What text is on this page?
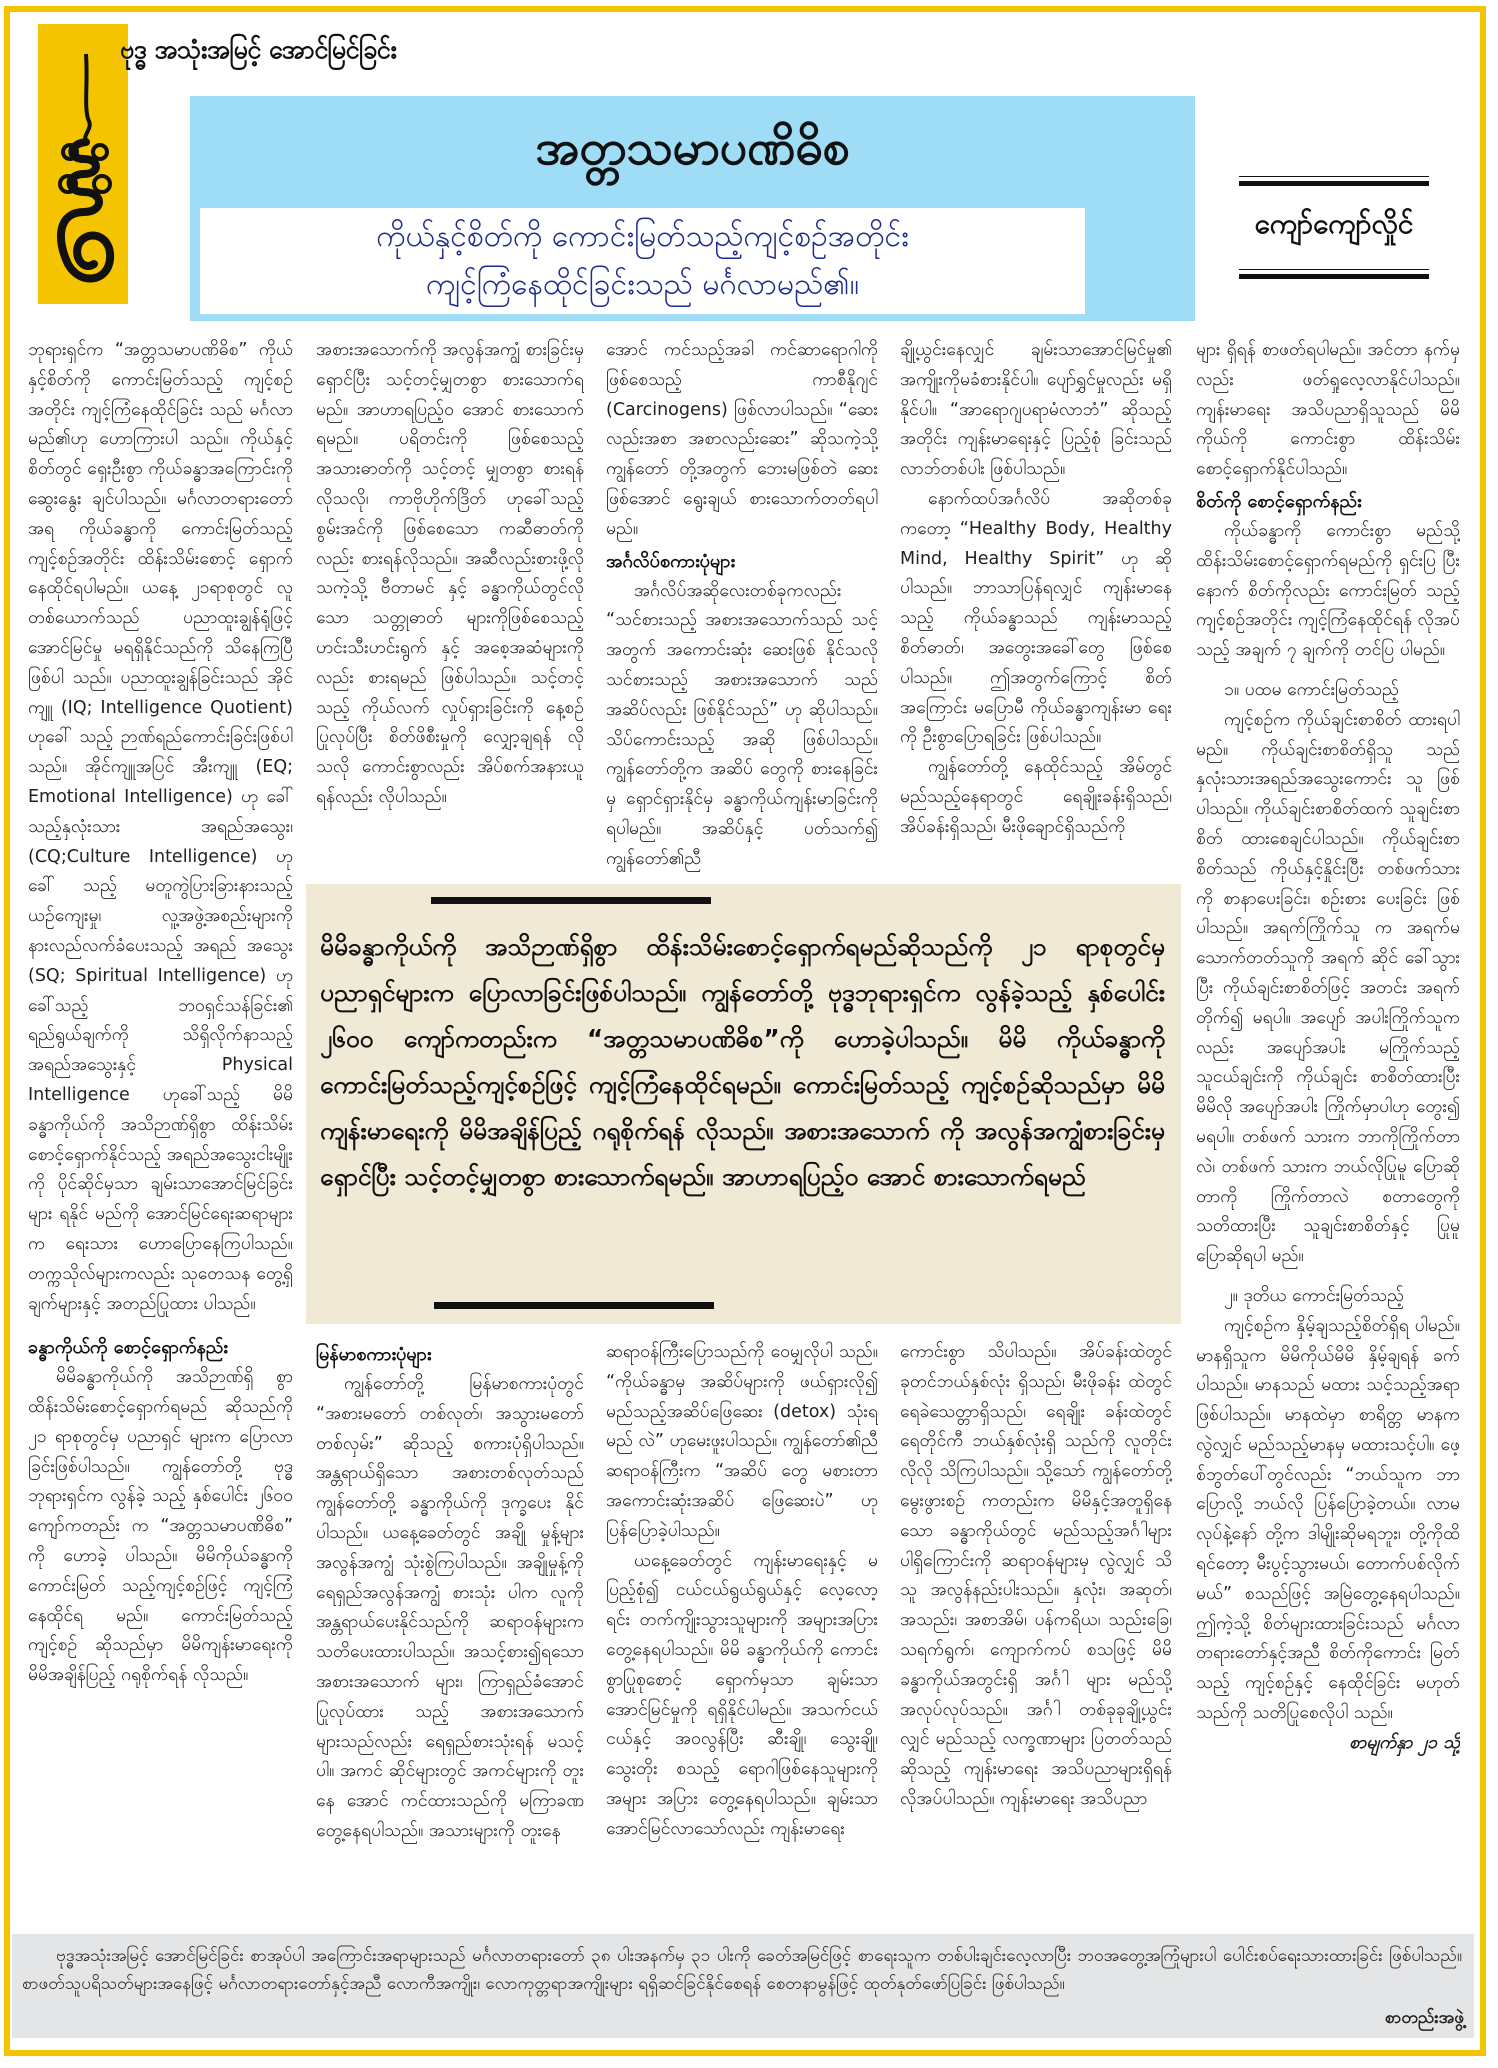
ဗုဒ္ဓ အသုံးအမြင့် အောင်မြင်ခြင်း
အတ္တသမာပဏိဓိစ
ကိုယ်နှင့်စိတ်ကို ကောင်းမြတ်သည့်ကျင့်စဉ်အတိုင်း
ကျင့်ကြံနေထိုင်ခြင်းသည် မင်္ဂလာမည်၏။
ကျော်ကျော်လှိုင်

ဘုရားရှင်က “အတ္တသမာပဏိဓိစ” ကိုယ်နှင့်စိတ်ကို ကောင်းမြတ်သည့် ကျင့်စဉ်အတိုင်း ကျင့်ကြံနေထိုင်ခြင်း သည် မင်္ဂလာမည်၏ဟု ဟောကြားပါ သည်။ ကိုယ်နှင့် စိတ်တွင် ရှေးဦးစွာ ကိုယ်ခန္ဓာအကြောင်းကို ဆွေးနွေး ချင်ပါသည်။ မင်္ဂလာတရားတော်အရ ကိုယ်ခန္ဓာကို ကောင်းမြတ်သည့် ကျင့်စဉ်အတိုင်း ထိန်းသိမ်းစောင့် ရှောက် နေထိုင်ရပါမည်။ ယနေ့ ၂၁ရာစုတွင် လူတစ်ယောက်သည် ပညာထူးချွန်ရုံဖြင့် အောင်မြင်မှု မရရှိနိုင်သည်ကို သိနေကြပြီဖြစ်ပါ သည်။ ပညာထူးချွန်ခြင်းသည် အိုင်ကျူ (IQ; Intelligence Quotient) ဟုခေါ် သည့် ဉာဏ်ရည်ကောင်းခြင်းဖြစ်ပါ သည်။ အိုင်ကျူအပြင် အီးကျူ (EQ; Emotional Intelligence) ဟု ခေါ် သည့်နှလုံးသား အရည်အသွေး၊ (CQ;Culture Intelligence) ဟုခေါ် သည့် မတူကွဲပြားခြားနားသည့် ယဉ်ကျေးမှု၊ လူ့အဖွဲ့အစည်းများကို နားလည်လက်ခံပေးသည့် အရည် အသွေး (SQ; Spiritual Intelligence) ဟုခေါ်သည့် ဘဝရှင်သန်ခြင်း၏ ရည်ရွယ်ချက်ကို သိရှိလိုက်နာသည့် အရည်အသွေးနှင့် Physical Intelligence ဟုခေါ်သည့် မိမိ ခန္ဓာကိုယ်ကို အသိဉာဏ်ရှိစွာ ထိန်းသိမ်း စောင့်ရှောက်နိုင်သည့် အရည်အသွေးငါးမျိုးကို ပိုင်ဆိုင်မှသာ ချမ်းသာအောင်မြင်ခြင်းများ ရနိုင် မည်ကို အောင်မြင်ရေးဆရာများက ရေးသား ဟောပြောနေကြပါသည်။ တက္ကသိုလ်များကလည်း သုတေသန တွေ့ရှိချက်များနှင့် အတည်ပြုထား ပါသည်။

ခန္ဓာကိုယ်ကို စောင့်ရှောက်နည်း

မိမိခန္ဓာကိုယ်ကို အသိဉာဏ်ရှိ စွာ ထိန်းသိမ်းစောင့်ရှောက်ရမည် ဆိုသည်ကို ၂၁ ရာစုတွင်မှ ပညာရှင် များက ပြောလာခြင်းဖြစ်ပါသည်။ ကျွန်တော်တို့ ဗုဒ္ဓဘုရားရှင်က လွန်ခဲ့ သည့် နှစ်ပေါင်း ၂၆၀၀ ကျော်ကတည်း က “အတ္တသမာပဏိဓိစ” ကို ဟောခဲ့ ပါသည်။ မိမိကိုယ်ခန္ဓာကို ကောင်းမြတ် သည့်ကျင့်စဉ်ဖြင့် ကျင့်ကြံနေထိုင်ရ မည်။ ကောင်းမြတ်သည့် ကျင့်စဉ် ဆိုသည်မှာ မိမိကျန်းမာရေးကို မိမိအချိန်ပြည့် ဂရုစိုက်ရန် လိုသည်။

အစားအသောက်ကို အလွန်အကျွံ စားခြင်းမှရှောင်ပြီး သင့်တင့်မျှတစွာ စားသောက်ရမည်။ အာဟာရပြည့်ဝ အောင် စားသောက်ရမည်။ ပရိတင်းကို ဖြစ်စေသည့် အသားဓာတ်ကို သင့်တင့် မျှတစွာ စားရန် လိုသလို၊ ကာဗိုဟိုက်ဒြိတ် ဟုခေါ်သည့် စွမ်းအင်ကို ဖြစ်စေသော ကဆီဓာတ်ကိုလည်း စားရန်လိုသည်။ အဆီလည်းစားဖို့လိုသကဲ့သို့ ဗီတာမင် နှင့် ခန္ဓာကိုယ်တွင်လိုသော သတ္တုဓာတ် များကိုဖြစ်စေသည့် ဟင်းသီးဟင်းရွက် နှင့် အစေ့အဆံများကိုလည်း စားရမည် ဖြစ်ပါသည်။ သင့်တင့်သည့် ကိုယ်လက် လှုပ်ရှားခြင်းကို နေ့စဉ်ပြုလုပ်ပြီး စိတ်ဖိစီးမှုကို လျှော့ချရန် လိုသလို ကောင်းစွာလည်း အိပ်စက်အနားယူ ရန်လည်း လိုပါသည်။

အောင် ကင်သည့်အခါ ကင်ဆာရောဂါကို ဖြစ်စေသည့် ကာစီနိုဂျင် (Carcinogens) ဖြစ်လာပါသည်။ “ဆေးလည်းအစာ အစာလည်းဆေး” ဆိုသကဲ့သို့ ကျွန်တော် တို့အတွက် ဘေးမဖြစ်တဲ ဆေးဖြစ်အောင် ရွေးချယ် စားသောက်တတ်ရပါမည်။

အင်္ဂလိပ်စကားပုံများ

အင်္ဂလိပ်အဆိုလေးတစ်ခုကလည်း “သင်စားသည့် အစားအသောက်သည် သင့်အတွက် အကောင်းဆုံး ဆေးဖြစ် နိုင်သလို သင်စားသည့် အစားအသောက် သည် အဆိပ်လည်း ဖြစ်နိုင်သည်” ဟု ဆိုပါသည်။ သိပ်ကောင်းသည့် အဆို ဖြစ်ပါသည်။ ကျွန်တော်တို့က အဆိပ် တွေကို စားနေခြင်းမှ ရှောင်ရှားနိုင်မှ ခန္ဓာကိုယ်ကျန်းမာခြင်းကို ရပါမည်။ အဆိပ်နှင့် ပတ်သက်၍ ကျွန်တော်၏ညီ

ချို့ယွင်းနေလျှင် ချမ်းသာအောင်မြင်မှု၏ အကျိုးကိုမခံစားနိုင်ပါ။ ပျော်ရွှင်မှုလည်း မရှိနိုင်ပါ။ “အာရောဂျပရာမံလာဘံ” ဆိုသည့်အတိုင်း ကျန်းမာရေးနှင့် ပြည့်စုံ ခြင်းသည် လာဘ်တစ်ပါး ဖြစ်ပါသည်။

နောက်ထပ်အင်္ဂလိပ် အဆိုတစ်ခု ကတော့ “Healthy Body, Healthy Mind, Healthy Spirit” ဟု ဆိုပါသည်။ ဘာသာပြန်ရလျှင် ကျန်းမာနေသည့် ကိုယ်ခန္ဓာသည် ကျန်းမာသည့် စိတ်ဓာတ်၊ အတွေးအခေါ်တွေ ဖြစ်စေ ပါသည်။ ဤအတွက်ကြောင့် စိတ် အကြောင်း မပြောမီ ကိုယ်ခန္ဓာကျန်းမာ ရေးကို ဦးစွာပြောရခြင်း ဖြစ်ပါသည်။

ကျွန်တော်တို့ နေထိုင်သည့် အိမ်တွင် မည်သည့်နေရာတွင် ရေချိုးခန်းရှိသည်၊ အိပ်ခန်းရှိသည်၊ မီးဖိုချောင်ရှိသည်ကို

များ ရှိရန် စာဖတ်ရပါမည်။ အင်တာ နက်မှလည်း ဖတ်ရှုလေ့လာနိုင်ပါသည်။ ကျန်းမာရေး အသိပညာရှိသူသည် မိမိကိုယ်ကို ကောင်းစွာ ထိန်းသိမ်း စောင့်ရှောက်နိုင်ပါသည်။

စိတ်ကို စောင့်ရှောက်နည်း

ကိုယ်ခန္ဓာကို ကောင်းစွာ မည်သို့ ထိန်းသိမ်းစောင့်ရှောက်ရမည်ကို ရှင်းပြ ပြီးနောက် စိတ်ကိုလည်း ကောင်းမြတ် သည့်ကျင့်စဉ်အတိုင်း ကျင့်ကြံနေထိုင်ရန် လိုအပ်သည့် အချက် ၇ ချက်ကို တင်ပြ ပါမည်။

၁။ ပထမ ကောင်းမြတ်သည့်

ကျင့်စဉ်က ကိုယ်ချင်းစာစိတ် ထားရပါမည်။ ကိုယ်ချင်းစာစိတ်ရှိသူ သည် နှလုံးသားအရည်အသွေးကောင်း သူ ဖြစ်ပါသည်။ ကိုယ်ချင်းစာစိတ်ထက် သူချင်းစာစိတ် ထားစေချင်ပါသည်။ ကိုယ်ချင်းစာစိတ်သည် ကိုယ်နှင့်နှိုင်းပြီး တစ်ဖက်သားကို စာနာပေးခြင်း၊ စဉ်းစား ပေးခြင်း ဖြစ်ပါသည်။ အရက်ကြိုက်သူ က အရက်မသောက်တတ်သူကို အရက် ဆိုင် ခေါ်သွားပြီး ကိုယ်ချင်းစာစိတ်ဖြင့် အတင်း အရက်တိုက်၍ မရပါ။ အပျော် အပါးကြိုက်သူကလည်း အပျော်အပါး မကြိုက်သည့် သူငယ်ချင်းကို ကိုယ်ချင်း စာစိတ်ထားပြီး မိမိလို အပျော်အပါး ကြိုက်မှာပါဟု တွေး၍ မရပါ။ တစ်ဖက် သားက ဘာကိုကြိုက်တာလဲ၊ တစ်ဖက် သားက ဘယ်လိုပြုမူ ပြောဆိုတာကို ကြိုက်တာလဲ စတာတွေကို သတိထားပြီး သူချင်းစာစိတ်နှင့် ပြုမူပြောဆိုရပါ မည်။

၂။ ဒုတိယ ကောင်းမြတ်သည့်

ကျင့်စဉ်က နှိမ့်ချသည့်စိတ်ရှိရ ပါမည်။ မာနရှိသူက မိမိကိုယ်မိမိ နှိမ့်ချရန် ခက်ပါသည်။ မာနသည် မထား သင့်သည့်အရာ ဖြစ်ပါသည်။ မာနထဲမှာ စာရိတ္တ မာနကလွဲလျှင် မည်သည့်မာနမှ မထားသင့်ပါ။ ဖေ့စ်ဘွတ်ပေါ်တွင်လည်း “ဘယ်သူက ဘာပြောလို့ ဘယ်လို ပြန်ပြောခဲ့တယ်။ လာမလုပ်နဲ့နော် တို့က ဒါမျိုးဆိုမရဘူး၊ တို့ကိုထိရင်တော့ မီးပွင့်သွားမယ်၊ တောက်ပစ်လိုက်မယ်” စသည်ဖြင့် အမြဲတွေ့နေရပါသည်။ ဤကဲ့သို့ စိတ်များထားခြင်းသည် မင်္ဂလာ တရားတော်နှင့်အညီ စိတ်ကိုကောင်း မြတ်သည့် ကျင့်စဉ်နှင့် နေထိုင်ခြင်း မဟုတ်သည်ကို သတိပြုစေလိုပါ သည်။

စာမျက်နှာ ၂၁ သို့

မိမိခန္ဓာကိုယ်ကို အသိဉာဏ်ရှိစွာ ထိန်းသိမ်းစောင့်ရှောက်ရမည်ဆိုသည်ကို ၂၁ ရာစုတွင်မှ ပညာရှင်များက ပြောလာခြင်းဖြစ်ပါသည်။ ကျွန်တော်တို့ ဗုဒ္ဓဘုရားရှင်က လွန်ခဲ့သည့် နှစ်ပေါင်း ၂၆၀၀ ကျော်ကတည်းက “အတ္တသမာပဏိဓိစ”ကို ဟောခဲ့ပါသည်။ မိမိ ကိုယ်ခန္ဓာကို ကောင်းမြတ်သည့်ကျင့်စဉ်ဖြင့် ကျင့်ကြံနေထိုင်ရမည်။ ကောင်းမြတ်သည့် ကျင့်စဉ်ဆိုသည်မှာ မိမိကျန်းမာရေးကို မိမိအချိန်ပြည့် ဂရုစိုက်ရန် လိုသည်။ အစားအသောက် ကို အလွန်အကျွံစားခြင်းမှရှောင်ပြီး သင့်တင့်မျှတစွာ စားသောက်ရမည်။ အာဟာရပြည့်ဝ အောင် စားသောက်ရမည်
မြန်မာစကားပုံများ

ကျွန်တော်တို့ မြန်မာစကားပုံတွင် “အစားမတော် တစ်လုတ်၊ အသွားမတော် တစ်လှမ်း” ဆိုသည့် စကားပုံရှိပါသည်။ အန္တရာယ်ရှိသော အစားတစ်လုတ်သည် ကျွန်တော်တို့ ခန္ဓာကိုယ်ကို ဒုက္ခပေး နိုင်ပါသည်။ ယနေ့ခေတ်တွင် အချို မှုန့်များ အလွန်အကျွံ သုံးစွဲကြပါသည်။ အချိုမှုန့်ကို ရေရှည်အလွန်အကျွံ စားသုံး ပါက လူကို အန္တရာယ်ပေးနိုင်သည်ကို ဆရာဝန်များက သတိပေးထားပါသည်။ အသင့်စား၍ရသော အစားအသောက် များ၊ ကြာရှည်ခံအောင် ပြုလုပ်ထား သည့် အစားအသောက်များသည်လည်း ရေရှည်စားသုံးရန် မသင့်ပါ။ အကင် ဆိုင်များတွင် အကင်များကို တူးနေ အောင် ကင်ထားသည်ကို မကြာခဏ တွေ့နေရပါသည်။ အသားများကို တူးနေ

ဆရာဝန်ကြီးပြောသည်ကို ဝေမျှလိုပါ သည်။ “ကိုယ်ခန္ဓာမှ အဆိပ်များကို ဖယ်ရှားလို၍ မည်သည့်အဆိပ်ဖြေဆေး (detox) သုံးရမည် လဲ” ဟုမေးဖူးပါသည်။ ကျွန်တော်၏ညီ ဆရာဝန်ကြီးက “အဆိပ် တွေ မစားတာ အကောင်းဆုံးအဆိပ် ဖြေဆေးပဲ” ဟု ပြန်ပြောခဲ့ပါသည်။

ယနေ့ခေတ်တွင် ကျန်းမာရေးနှင့် မပြည့်စုံ၍ ငယ်ငယ်ရွယ်ရွယ်နှင့် လေ့လော့ရင်း တက်ကျိုးသွားသူများကို အများအပြားတွေ့နေရပါသည်။ မိမိ ခန္ဓာကိုယ်ကို ကောင်းစွာပြုစုစောင့် ရှောက်မှသာ ချမ်းသာ အောင်မြင်မှုကို ရရှိနိုင်ပါမည်။ အသက်ငယ်ငယ်နှင့် အဝလွန်ပြီး ဆီးချို၊ သွေးချို၊ သွေးတိုး စသည့် ရောဂါဖြစ်နေသူများကို အများ အပြား တွေ့နေရပါသည်။ ချမ်းသာ အောင်မြင်လာသော်လည်း ကျန်းမာရေး

ကောင်းစွာ သိပါသည်။ အိပ်ခန်းထဲတွင် ခုတင်ဘယ်နှစ်လုံး ရှိသည်၊ မီးဖိုခန်း ထဲတွင် ရေခဲသေတ္တာရှိသည်၊ ရေချိုး ခန်းထဲတွင် ရေတိုင်ကီ ဘယ်နှစ်လုံးရှိ သည်ကို လူတိုင်းလိုလို သိကြပါသည်။ သို့သော် ကျွန်တော်တို့ မွေးဖွားစဉ် ကတည်းက မိမိနှင့်အတူရှိနေသော ခန္ဓာကိုယ်တွင် မည်သည့်အင်္ဂါများ ပါရှိကြောင်းကို ဆရာဝန်များမှ လွဲလျှင် သိသူ အလွန်နည်းပါးသည်။ နှလုံး၊ အဆုတ်၊ အသည်း၊ အစာအိမ်၊ ပန်ကရိယ၊ သည်းခြေ၊ သရက်ရွက်၊ ကျောက်ကပ် စသဖြင့် မိမိ ခန္ဓာကိုယ်အတွင်းရှိ အင်္ဂါ များ မည်သို့ အလုပ်လုပ်သည်။ အင်္ဂါ တစ်ခုခုချို့ယွင်းလျှင် မည်သည့် လက္ခဏာများ ပြတတ်သည်ဆိုသည့် ကျန်းမာရေး အသိပညာများရှိရန် လိုအပ်ပါသည်။ ကျန်းမာရေး အသိပညာ

ဗုဒ္ဓအသုံးအမြင့် အောင်မြင်ခြင်း စာအုပ်ပါ အကြောင်းအရာများသည် မင်္ဂလာတရားတော် ၃၈ ပါးအနက်မှ ၃၁ ပါးကို ခေတ်အမြင်ဖြင့် စာရေးသူက တစ်ပါးချင်းလေ့လာပြီး ဘဝအတွေ့အကြုံများပါ ပေါင်းစပ်ရေးသားထားခြင်း ဖြစ်ပါသည်။ စာဖတ်သူပရိသတ်များအနေဖြင့် မင်္ဂလာတရားတော်နှင့်အညီ လောကီအကျိုး၊ လောကုတ္တရာအကျိုးများ ရရှိဆင်ခြင်နိုင်စေရန် စေတနာမွန်ဖြင့် ထုတ်နုတ်ဖော်ပြခြင်း ဖြစ်ပါသည်။
စာတည်းအဖွဲ့
